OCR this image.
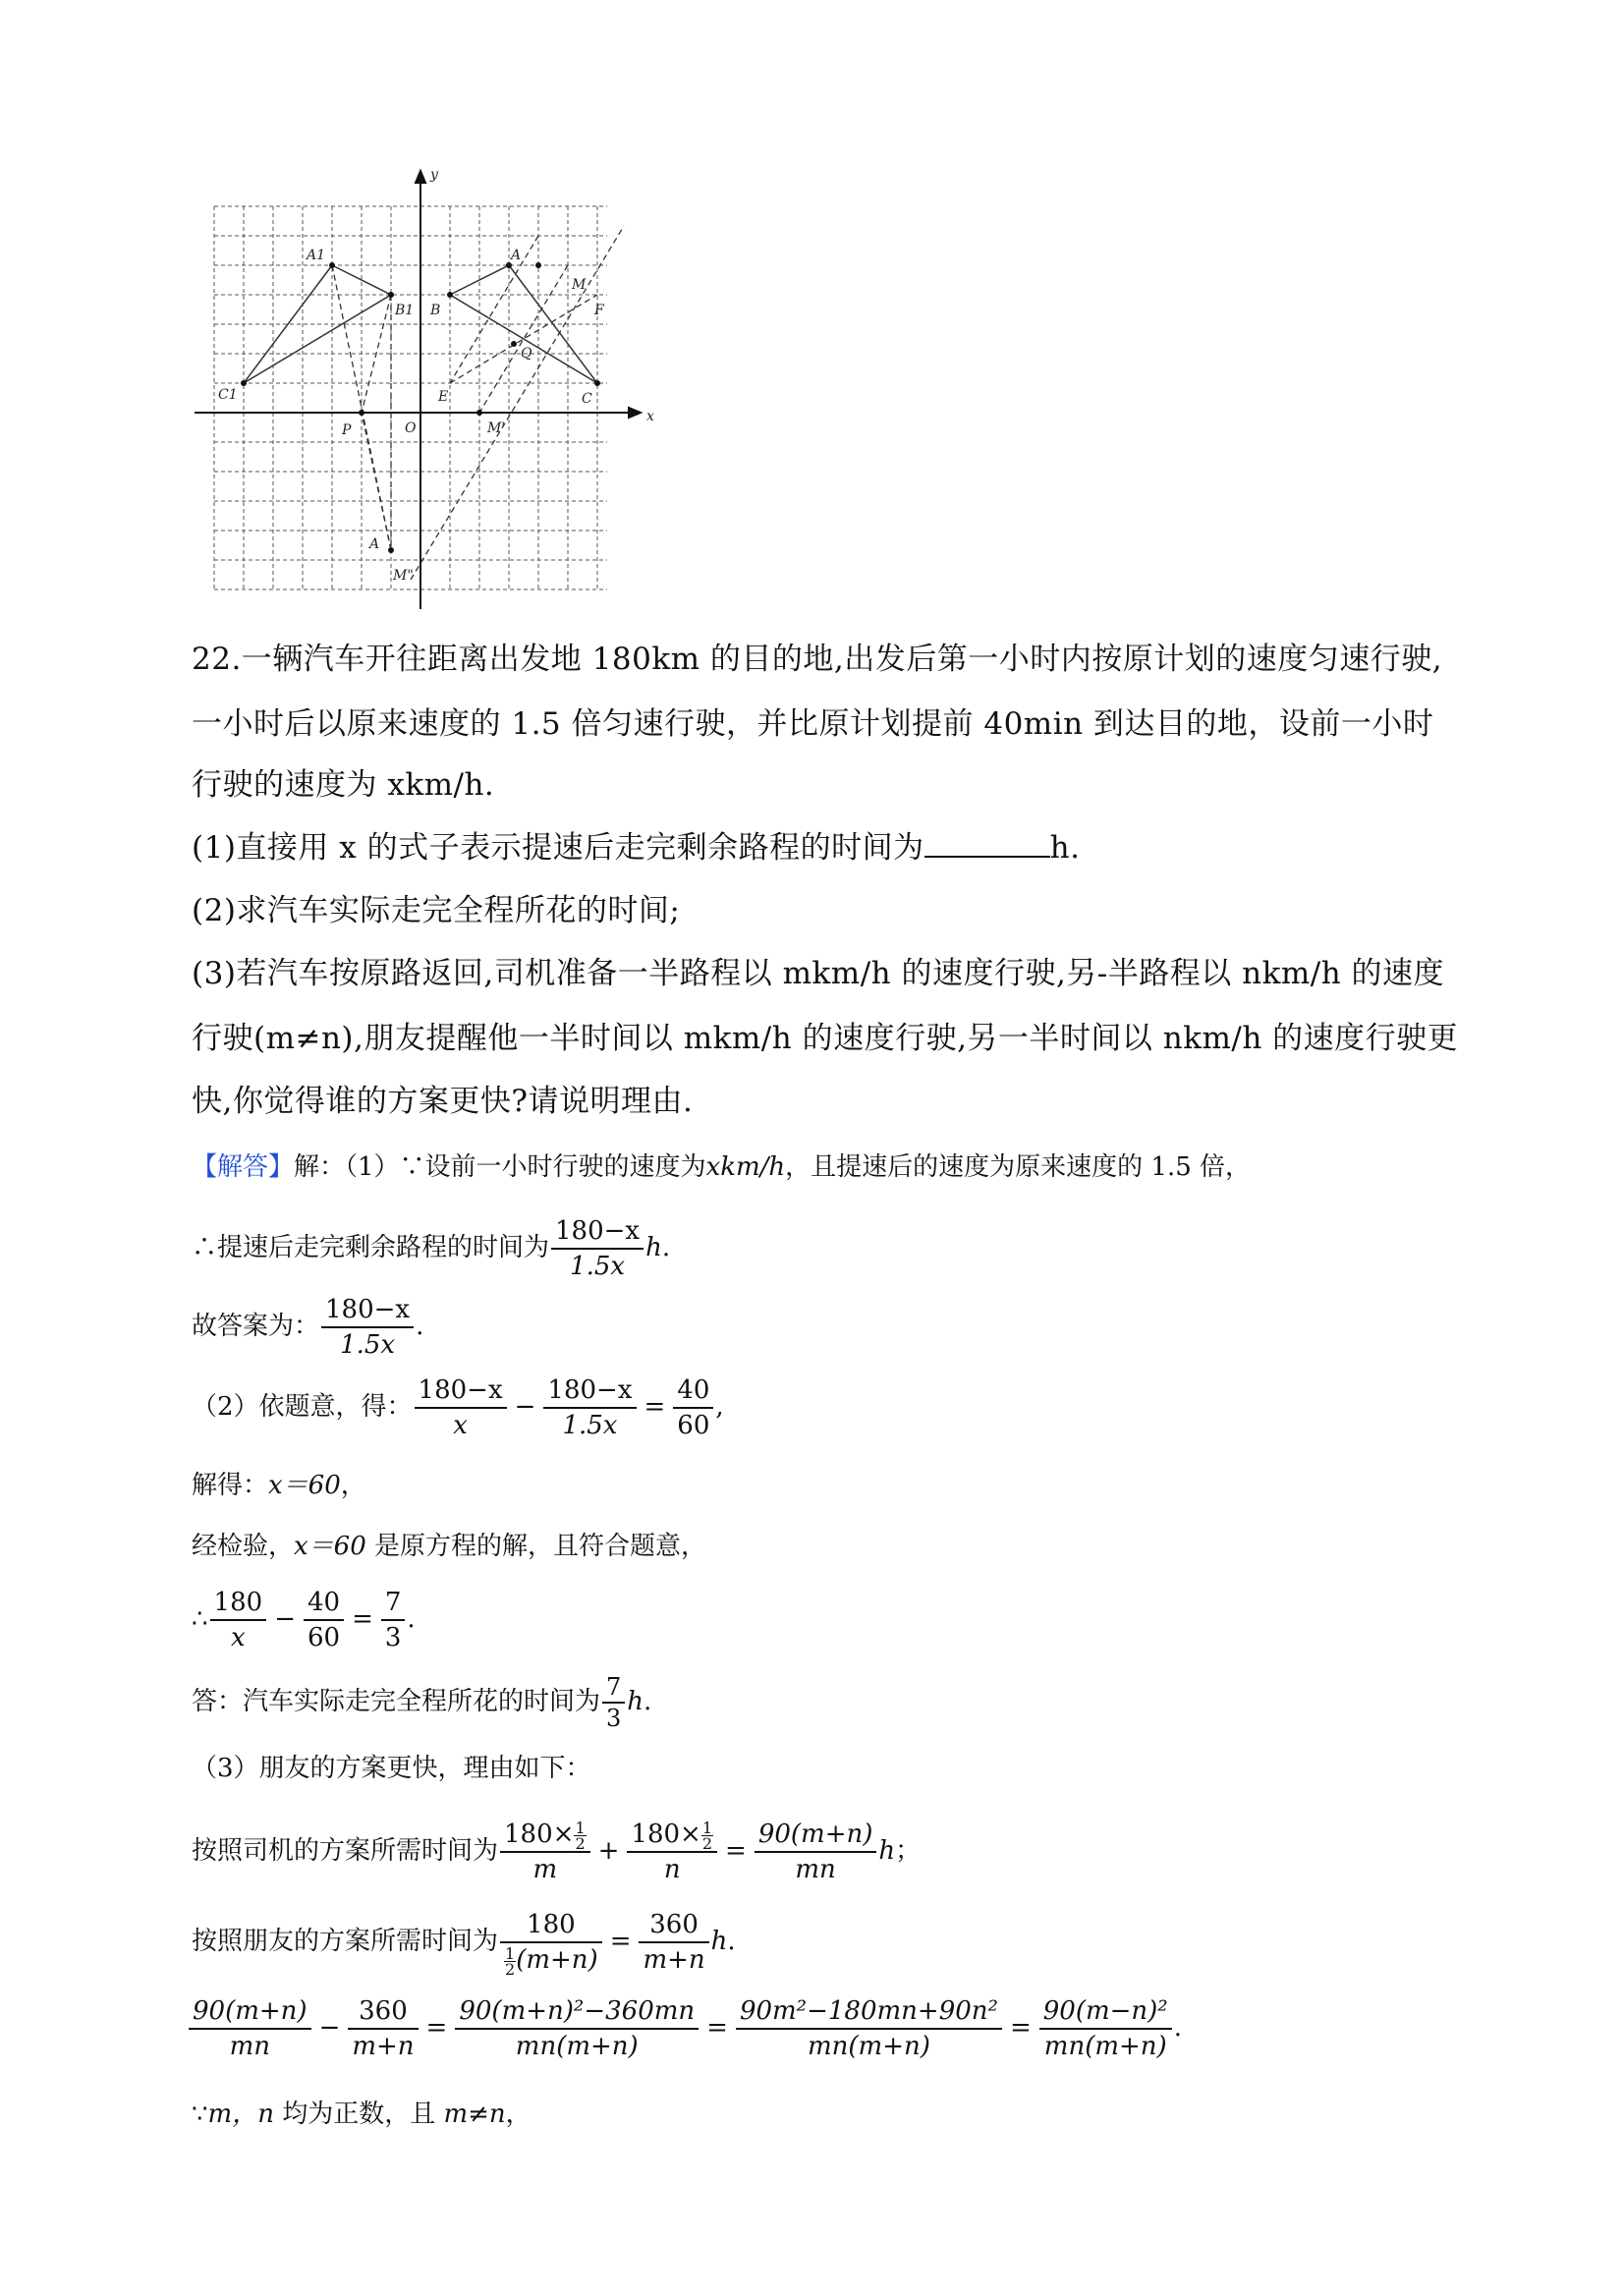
y
x
O
A1
B1
C1
A
B
C
M
F
Q
E
P	M'
A
M"
22.一辆汽车开往距离出发地 180km 的目的地,出发后第一小时内按原计划的速度匀速行驶,
一小时后以原来速度的 1.5 倍匀速行驶，并比原计划提前 40min 到达目的地，设前一小时
行驶的速度为 xkm/h.
(1)直接用 x 的式子表示提速后走完剩余路程的时间为	h.
(2)求汽车实际走完全程所花的时间;
(3)若汽车按原路返回,司机准备一半路程以 mkm/h 的速度行驶,另-半路程以 nkm/h 的速度
行驶(m≠n),朋友提醒他一半时间以 mkm/h 的速度行驶,另一半时间以 nkm/h 的速度行驶更
快,你觉得谁的方案更快?请说明理由.
【解答】解：（1）∵设前一小时行驶的速度为xkm/h，且提速后的速度为原来速度的 1.5 倍，
∴提速后走完剩余路程的时间为 $\frac{180-x}{1.5x} h$.
故答案为： $\frac{180-x}{1.5x}$ .
（2）依题意，得： $\frac{180-x}{x} - \frac{180-x}{1.5x} = \frac{40}{60}$ ,
解得：x＝60，
经检验，x＝60 是原方程的解，且符合题意，
∴ $\frac{180}{x} - \frac{40}{60} = \frac{7}{3}$ .
答：汽车实际走完全程所花的时间为 $\frac{7}{3} h$.
（3）朋友的方案更快，理由如下：
按照司机的方案所需时间为 $\frac{180\times \frac{1}{2}}{m} + \frac{180\times \frac{1}{2}}{n} = \frac{90(m+n)}{mn}$ h；
按照朋友的方案所需时间为 $\frac{180}{\frac{1}{2} (m+n)} = \frac{360}{m+n} h$.
$\frac{90(m+n)}{mn} - \frac{360}{m+n} = \frac{\text{90(m+n)²−360mn}}{mn(m+n)} = \frac{\text{90m²−180mn+90n²}}{mn(m+n)} = \frac{\text{90(m−n)²}}{mn(m+n)}$ .
∵m，n 均为正数，且 m≠n，
